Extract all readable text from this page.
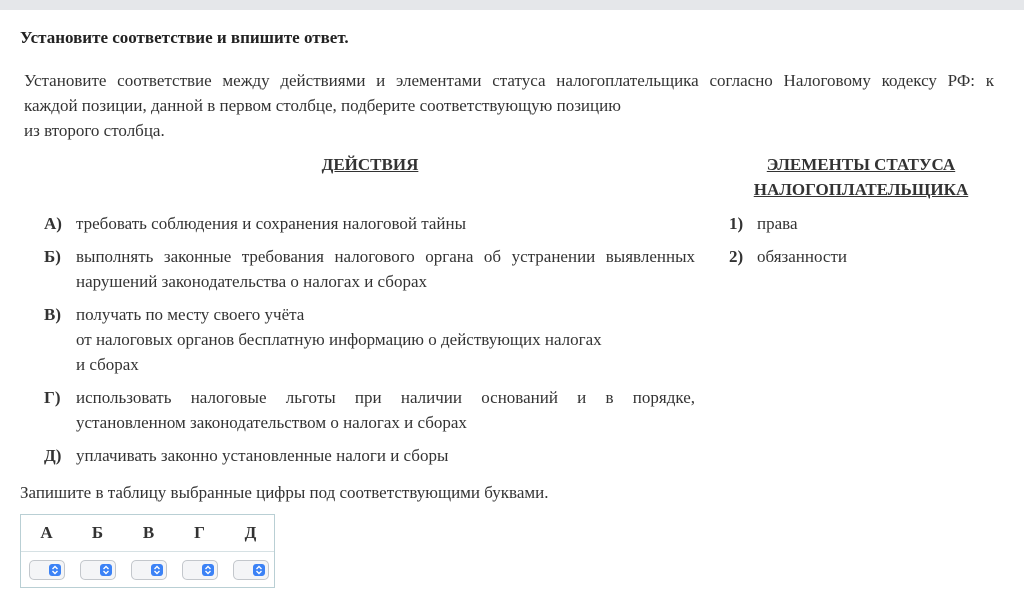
Установите соответствие и впишите ответ.
Установите соответствие между действиями и элементами статуса налогоплательщика согласно Налоговому кодексу РФ: к
каждой позиции, данной в первом столбце, подберите соответствующую позицию
из второго столбца.
ДЕЙСТВИЯ	ЭЛЕМЕНТЫ СТАТУСА
НАЛОГОПЛАТЕЛЬЩИКА
А) требовать соблюдения и сохранения налоговой тайны
Б) выполнять законные требования налогового органа об устранении выявленных
нарушений законодательства о налогах и сборах
В) получать по месту своего учёта
от налоговых органов бесплатную информацию о действующих налогах
и сборах
Г) использовать налоговые льготы при наличии оснований и в порядке,
установленном законодательством о налогах и сборах
Д) уплачивать законно установленные налоги и сборы
1) права
2) обязанности
Запишите в таблицу выбранные цифры под соответствующими буквами.
А	Б	В	Г	Д
